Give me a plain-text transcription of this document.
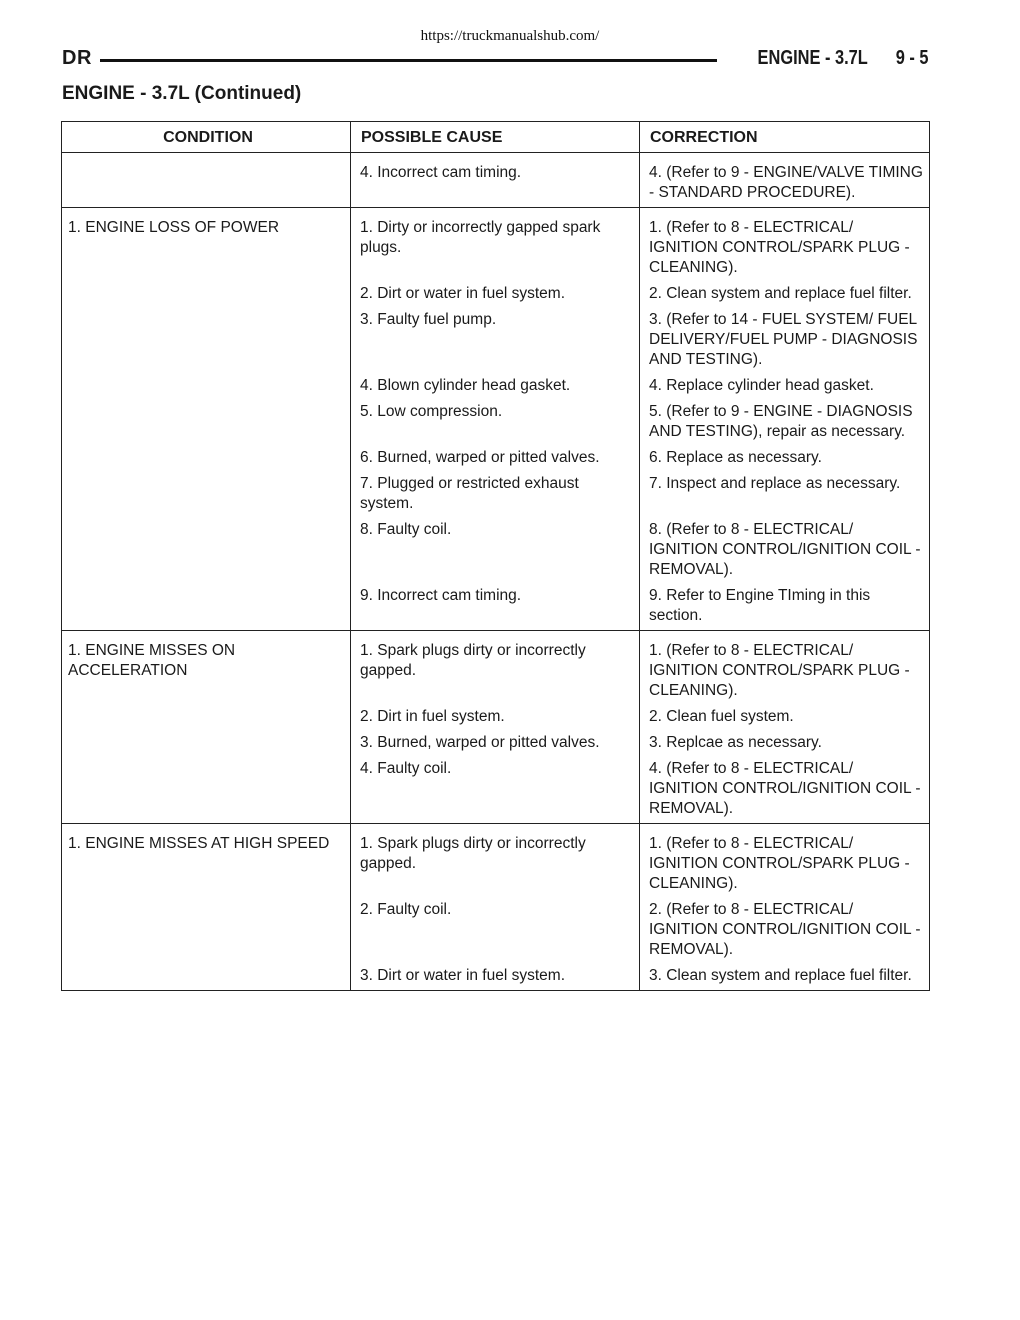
https://truckmanualshub.com/
DR	ENGINE - 3.7L 9 - 5
ENGINE - 3.7L (Continued)
CONDITION	POSSIBLE CAUSE	CORRECTION

	4. Incorrect cam timing.	4. (Refer to 9 - ENGINE/VALVE TIMING - STANDARD PROCEDURE).

1. ENGINE LOSS OF POWER	1. Dirty or incorrectly gapped spark plugs.	1. (Refer to 8 - ELECTRICAL/ IGNITION CONTROL/SPARK PLUG - CLEANING).

	2. Dirt or water in fuel system.	2. Clean system and replace fuel filter.

	3. Faulty fuel pump.	3. (Refer to 14 - FUEL SYSTEM/ FUEL DELIVERY/FUEL PUMP - DIAGNOSIS AND TESTING).

	4. Blown cylinder head gasket.	4. Replace cylinder head gasket.

	5. Low compression.	5. (Refer to 9 - ENGINE - DIAGNOSIS AND TESTING), repair as necessary.

	6. Burned, warped or pitted valves.	6. Replace as necessary.

	7. Plugged or restricted exhaust system.	7. Inspect and replace as necessary.

	8. Faulty coil.	8. (Refer to 8 - ELECTRICAL/ IGNITION CONTROL/IGNITION COIL - REMOVAL).

	9. Incorrect cam timing.	9. Refer to Engine TIming in this section.

1. ENGINE MISSES ON ACCELERATION	1. Spark plugs dirty or incorrectly gapped.	1. (Refer to 8 - ELECTRICAL/ IGNITION CONTROL/SPARK PLUG - CLEANING).

	2. Dirt in fuel system.	2. Clean fuel system.

	3. Burned, warped or pitted valves.	3. Replcae as necessary.

	4. Faulty coil.	4. (Refer to 8 - ELECTRICAL/ IGNITION CONTROL/IGNITION COIL - REMOVAL).

1. ENGINE MISSES AT HIGH SPEED	1. Spark plugs dirty or incorrectly gapped.	1. (Refer to 8 - ELECTRICAL/ IGNITION CONTROL/SPARK PLUG - CLEANING).

	2. Faulty coil.	2. (Refer to 8 - ELECTRICAL/ IGNITION CONTROL/IGNITION COIL - REMOVAL).

	3. Dirt or water in fuel system.	3. Clean system and replace fuel filter.
